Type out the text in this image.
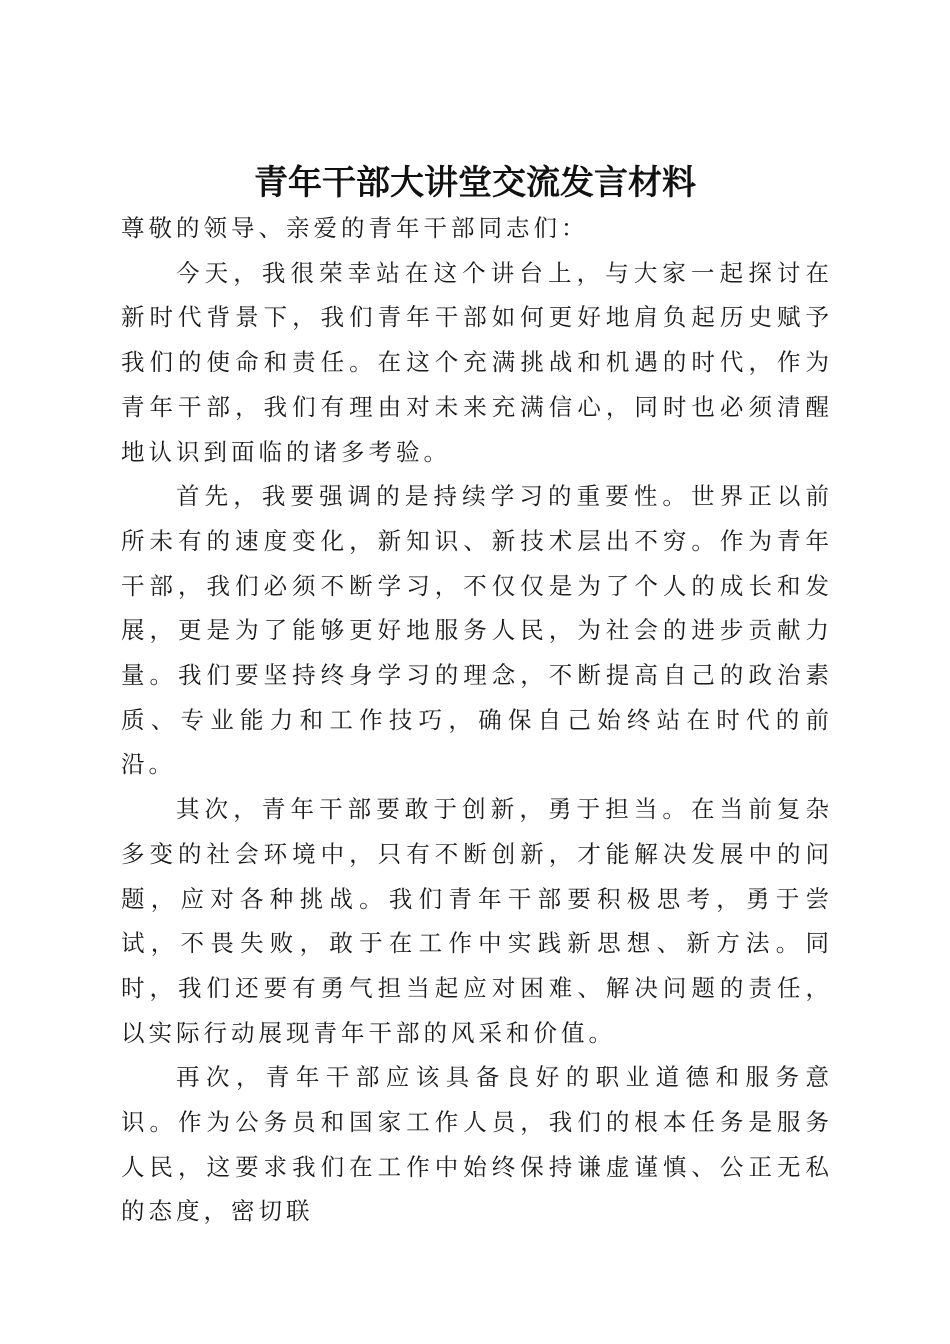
青年干部大讲堂交流发言材料

尊敬的领导、亲爱的青年干部同志们：

今天，我很荣幸站在这个讲台上，与大家一起探讨在新时代背景下，我们青年干部如何更好地肩负起历史赋予我们的使命和责任。在这个充满挑战和机遇的时代，作为青年干部，我们有理由对未来充满信心，同时也必须清醒地认识到面临的诸多考验。

首先，我要强调的是持续学习的重要性。世界正以前所未有的速度变化，新知识、新技术层出不穷。作为青年干部，我们必须不断学习，不仅仅是为了个人的成长和发展，更是为了能够更好地服务人民，为社会的进步贡献力量。我们要坚持终身学习的理念，不断提高自己的政治素质、专业能力和工作技巧，确保自己始终站在时代的前沿。

其次，青年干部要敢于创新，勇于担当。在当前复杂多变的社会环境中，只有不断创新，才能解决发展中的问题，应对各种挑战。我们青年干部要积极思考，勇于尝试，不畏失败，敢于在工作中实践新思想、新方法。同时，我们还要有勇气担当起应对困难、解决问题的责任，以实际行动展现青年干部的风采和价值。

再次，青年干部应该具备良好的职业道德和服务意识。作为公务员和国家工作人员，我们的根本任务是服务人民，这要求我们在工作中始终保持谦虚谨慎、公正无私的态度，密切联
